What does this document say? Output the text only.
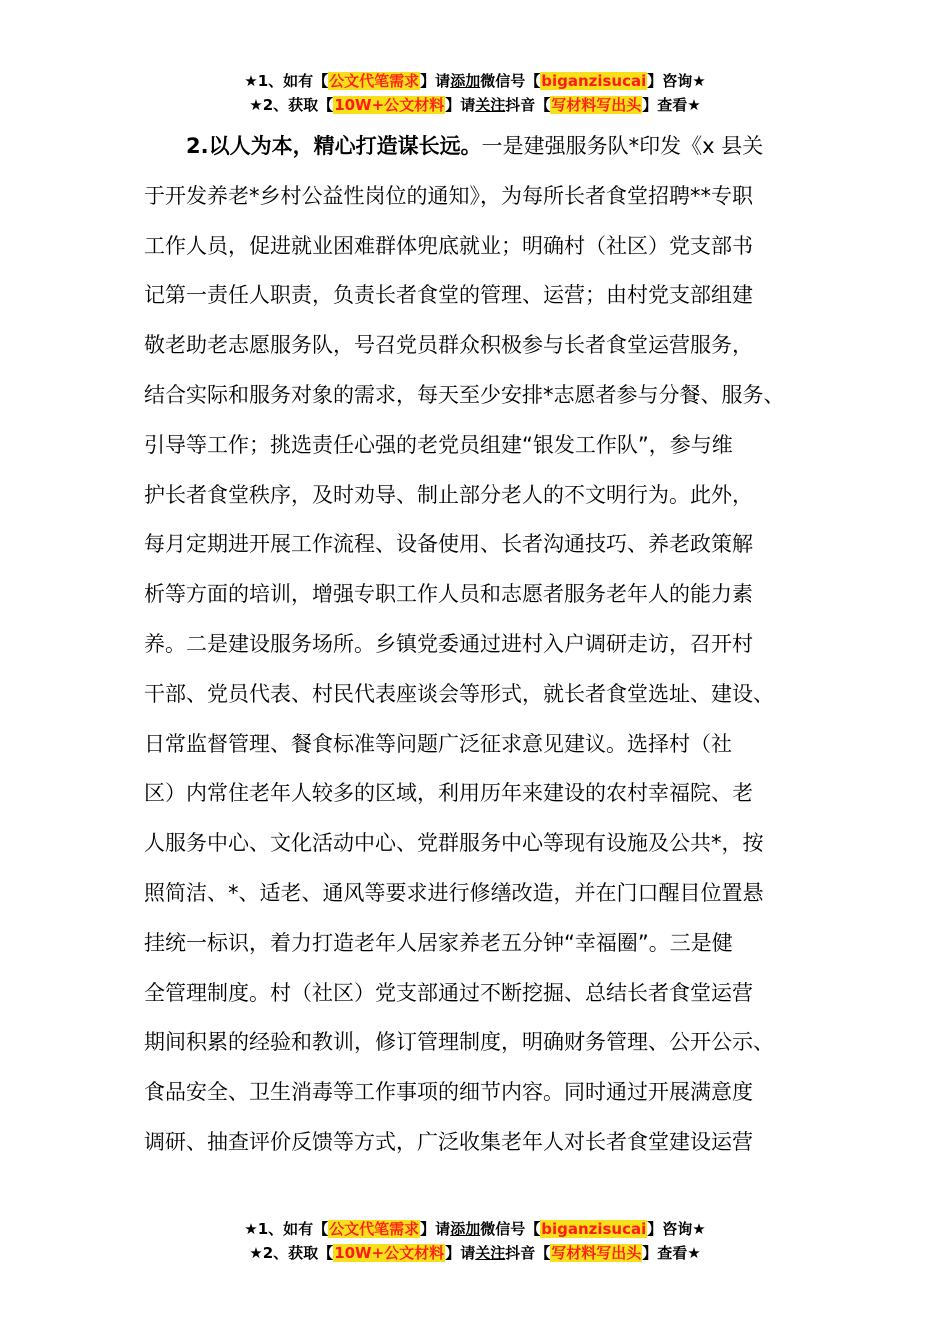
★1、如有【公文代笔需求】请添加微信号【biganzisucai】咨询★
★2、获取【10W+公文材料】请关注抖音【写材料写出头】查看★
2.以人为本，精心打造谋长远。一是建强服务队*印发《x 县关
于开发养老*乡村公益性岗位的通知》，为每所长者食堂招聘**专职
工作人员，促进就业困难群体兜底就业；明确村（社区）党支部书
记第一责任人职责，负责长者食堂的管理、运营；由村党支部组建
敬老助老志愿服务队，号召党员群众积极参与长者食堂运营服务，
结合实际和服务对象的需求，每天至少安排*志愿者参与分餐、服务、
引导等工作；挑选责任心强的老党员组建“银发工作队”，参与维
护长者食堂秩序，及时劝导、制止部分老人的不文明行为。此外，
每月定期进开展工作流程、设备使用、长者沟通技巧、养老政策解
析等方面的培训，增强专职工作人员和志愿者服务老年人的能力素
养。二是建设服务场所。乡镇党委通过进村入户调研走访，召开村
干部、党员代表、村民代表座谈会等形式，就长者食堂选址、建设、
日常监督管理、餐食标准等问题广泛征求意见建议。选择村（社
区）内常住老年人较多的区域，利用历年来建设的农村幸福院、老
人服务中心、文化活动中心、党群服务中心等现有设施及公共*，按
照简洁、*、适老、通风等要求进行修缮改造，并在门口醒目位置悬
挂统一标识，着力打造老年人居家养老五分钟“幸福圈”。三是健
全管理制度。村（社区）党支部通过不断挖掘、总结长者食堂运营
期间积累的经验和教训，修订管理制度，明确财务管理、公开公示、
食品安全、卫生消毒等工作事项的细节内容。同时通过开展满意度
调研、抽查评价反馈等方式，广泛收集老年人对长者食堂建设运营
★1、如有【公文代笔需求】请添加微信号【biganzisucai】咨询★
★2、获取【10W+公文材料】请关注抖音【写材料写出头】查看★
